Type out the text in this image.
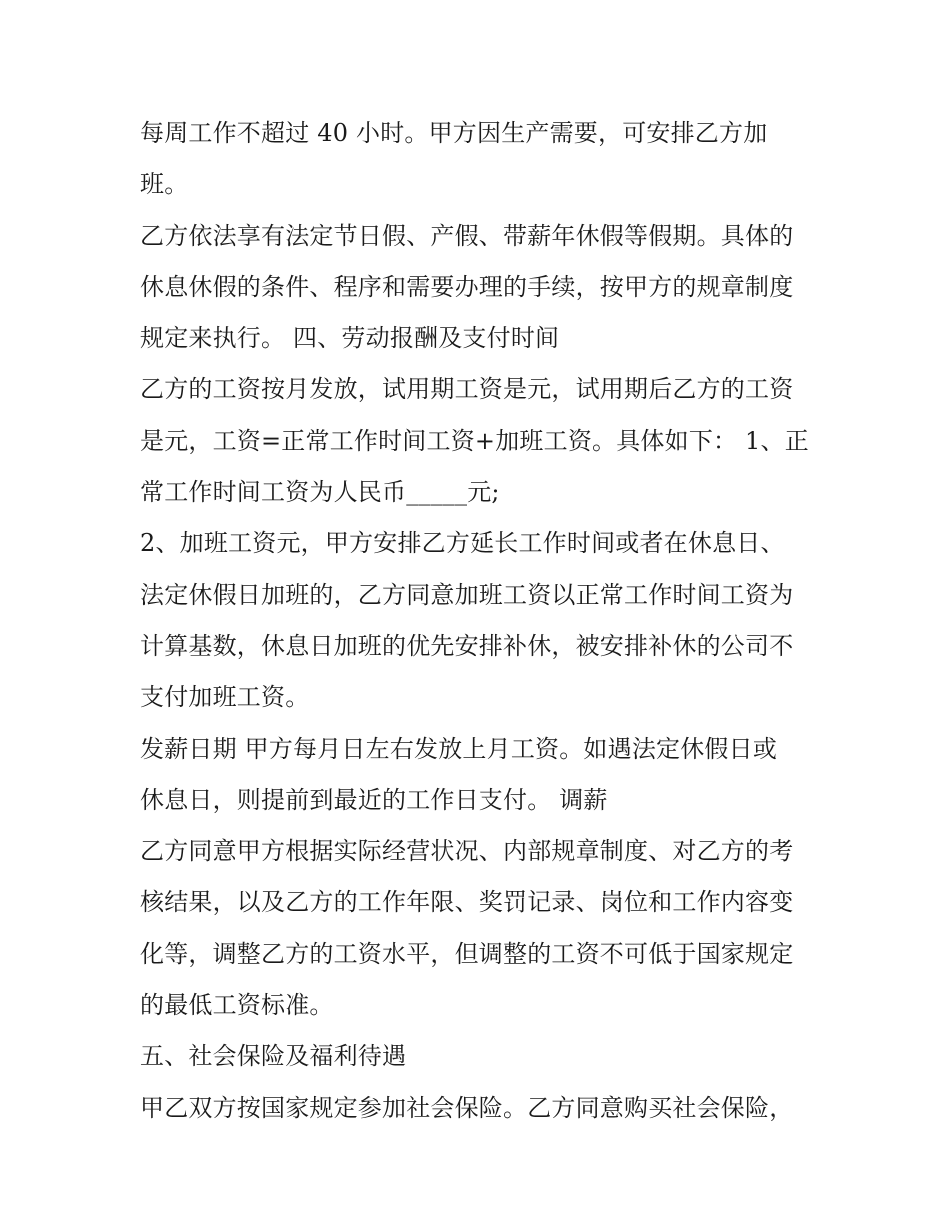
每周工作不超过 40 小时。甲方因生产需要，可安排乙方加
班。
乙方依法享有法定节日假、产假、带薪年休假等假期。具体的
休息休假的条件、程序和需要办理的手续，按甲方的规章制度
规定来执行。 四、劳动报酬及支付时间
乙方的工资按月发放，试用期工资是元，试用期后乙方的工资
是元，工资=正常工作时间工资+加班工资。具体如下： 1、正
常工作时间工资为人民币_____元;
2、加班工资元，甲方安排乙方延长工作时间或者在休息日、
法定休假日加班的，乙方同意加班工资以正常工作时间工资为
计算基数，休息日加班的优先安排补休，被安排补休的公司不
支付加班工资。
发薪日期 甲方每月日左右发放上月工资。如遇法定休假日或
休息日，则提前到最近的工作日支付。 调薪
乙方同意甲方根据实际经营状况、内部规章制度、对乙方的考
核结果，以及乙方的工作年限、奖罚记录、岗位和工作内容变
化等，调整乙方的工资水平，但调整的工资不可低于国家规定
的最低工资标准。
五、社会保险及福利待遇
甲乙双方按国家规定参加社会保险。乙方同意购买社会保险，
